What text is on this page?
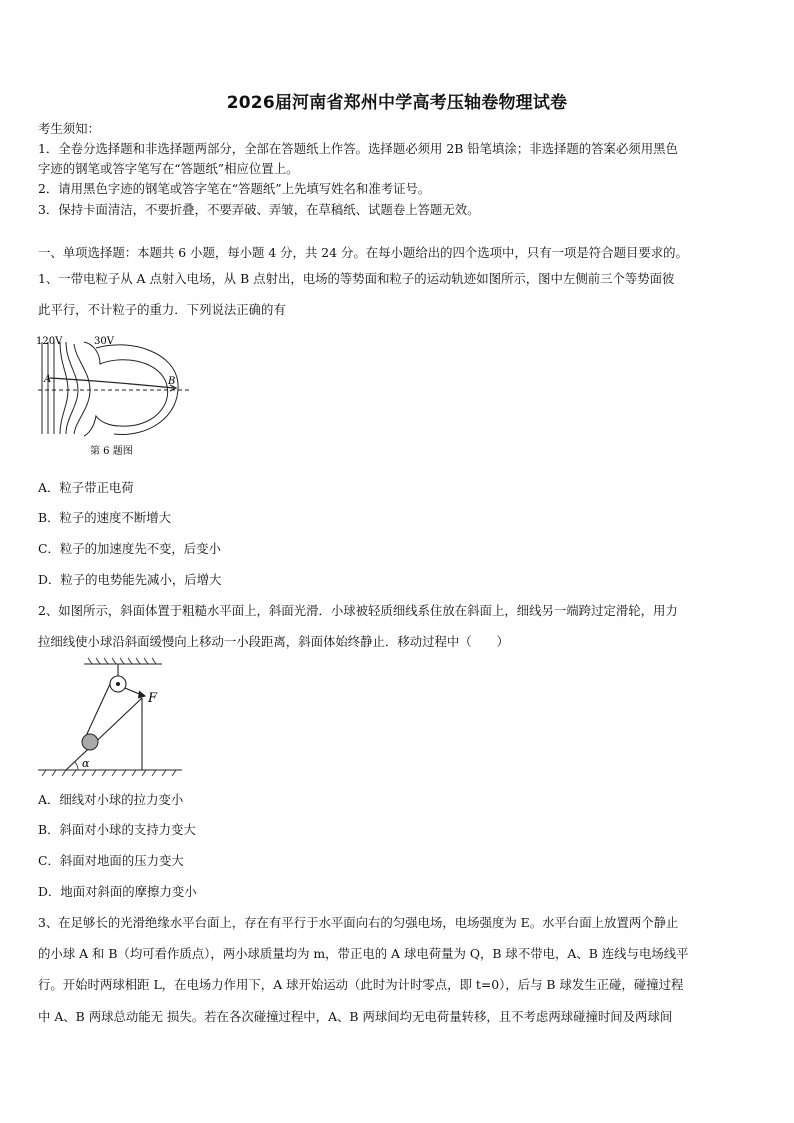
2026届河南省郑州中学高考压轴卷物理试卷
考生须知：
1．全卷分选择题和非选择题两部分，全部在答题纸上作答。选择题必须用 2B 铅笔填涂；非选择题的答案必须用黑色
字迹的钢笔或答字笔写在“答题纸”相应位置上。
2．请用黑色字迹的钢笔或答字笔在“答题纸”上先填写姓名和准考证号。
3．保持卡面清洁，不要折叠，不要弄破、弄皱，在草稿纸、试题卷上答题无效。
一、单项选择题：本题共 6 小题，每小题 4 分，共 24 分。在每小题给出的四个选项中，只有一项是符合题目要求的。
1、一带电粒子从 A 点射入电场，从 B 点射出，电场的等势面和粒子的运动轨迹如图所示，图中左侧前三个等势面彼
此平行，不计粒子的重力．下列说法正确的有
120V	30V
A	B
第 6 题图
A．粒子带正电荷
B．粒子的速度不断增大
C．粒子的加速度先不变，后变小
D．粒子的电势能先减小，后增大
2、如图所示，斜面体置于粗糙水平面上，斜面光滑．小球被轻质细线系住放在斜面上，细线另一端跨过定滑轮，用力
拉细线使小球沿斜面缓慢向上移动一小段距离，斜面体始终静止．移动过程中（　　）
F
α
A．细线对小球的拉力变小
B．斜面对小球的支持力变大
C．斜面对地面的压力变大
D．地面对斜面的摩擦力变小
3、在足够长的光滑绝缘水平台面上，存在有平行于水平面向右的匀强电场，电场强度为 E。水平台面上放置两个静止
的小球 A 和 B（均可看作质点），两小球质量均为 m，带正电的 A 球电荷量为 Q，B 球不带电，A、B 连线与电场线平
行。开始时两球相距 L，在电场力作用下，A 球开始运动（此时为计时零点，即 t=0），后与 B 球发生正碰，碰撞过程
中 A、B 两球总动能无 损失。若在各次碰撞过程中，A、B 两球间均无电荷量转移，且不考虑两球碰撞时间及两球间
